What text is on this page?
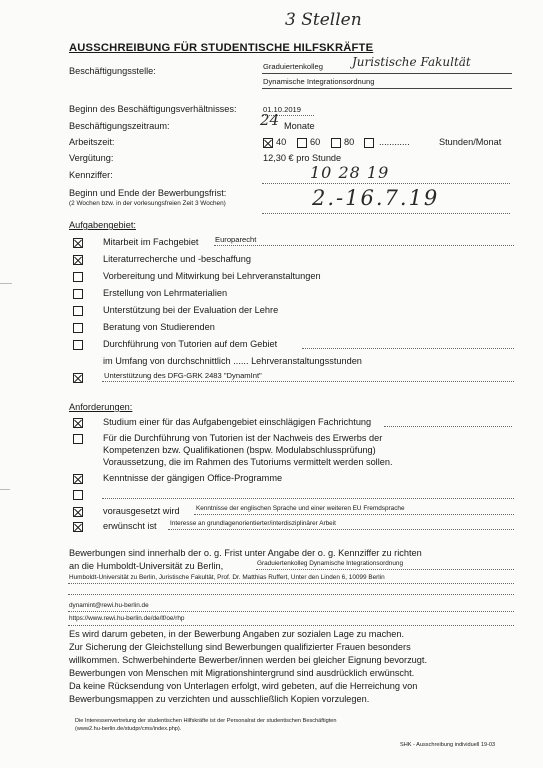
3 Stellen
AUSSCHREIBUNG FÜR STUDENTISCHE HILFSKRÄFTE
Beschäftigungsstelle:	Graduiertenkolleg Juristische Fakultät
Dynamische Integrationsordnung
Beginn des Beschäftigungsverhältnisses:	01.10.2019
Beschäftigungszeitraum:	24 Monate
Arbeitszeit:	40	60	80	............	Stunden/Monat
Vergütung:	12,30 € pro Stunde
Kennziffer:	10 28 19
Beginn und Ende der Bewerbungsfrist:
(2 Wochen bzw. in der vorlesungsfreien Zeit 3 Wochen)	2.-16.7.19
Aufgabengebiet:
Mitarbeit im Fachgebiet Europarecht
Literaturrecherche und -beschaffung
Vorbereitung und Mitwirkung bei Lehrveranstaltungen
Erstellung von Lehrmaterialien
Unterstützung bei der Evaluation der Lehre
Beratung von Studierenden
Durchführung von Tutorien auf dem Gebiet
im Umfang von durchschnittlich ...... Lehrveranstaltungsstunden
Unterstützung des DFG-GRK 2483 "DynamInt"
Anforderungen:
Studium einer für das Aufgabengebiet einschlägigen Fachrichtung
Für die Durchführung von Tutorien ist der Nachweis des Erwerbs der
Kompetenzen bzw. Qualifikationen (bspw. Modulabschlussprüfung)
Voraussetzung, die im Rahmen des Tutoriums vermittelt werden sollen.
Kenntnisse der gängigen Office-Programme
vorausgesetzt wird	Kenntnisse der englischen Sprache und einer weiteren EU Fremdsprache
erwünscht ist Interesse an grundlagenorientierter/interdisziplinärer Arbeit
Bewerbungen sind innerhalb der o. g. Frist unter Angabe der o. g. Kennziffer zu richten
an die Humboldt-Universität zu Berlin,	Graduiertenkolleg Dynamische Integrationsordnung
Humboldt-Universität zu Berlin, Juristische Fakultät, Prof. Dr. Matthias Ruffert, Unter den Linden 6, 10099 Berlin
dynamint@rewi.hu-berlin.de
https://www.rewi.hu-berlin.de/de/lf/oe/rhp
Es wird darum gebeten, in der Bewerbung Angaben zur sozialen Lage zu machen.
Zur Sicherung der Gleichstellung sind Bewerbungen qualifizierter Frauen besonders
willkommen. Schwerbehinderte Bewerber/innen werden bei gleicher Eignung bevorzugt.
Bewerbungen von Menschen mit Migrationshintergrund sind ausdrücklich erwünscht.
Da keine Rücksendung von Unterlagen erfolgt, wird gebeten, auf die Herreichung von
Bewerbungsmappen zu verzichten und ausschließlich Kopien vorzulegen.
Die Interessenvertretung der studentischen Hilfskräfte ist der Personalrat der studentischen Beschäftigten
(www2.hu-berlin.de/studpr/cms/index.php).
SHK - Ausschreibung individuell 19-03
